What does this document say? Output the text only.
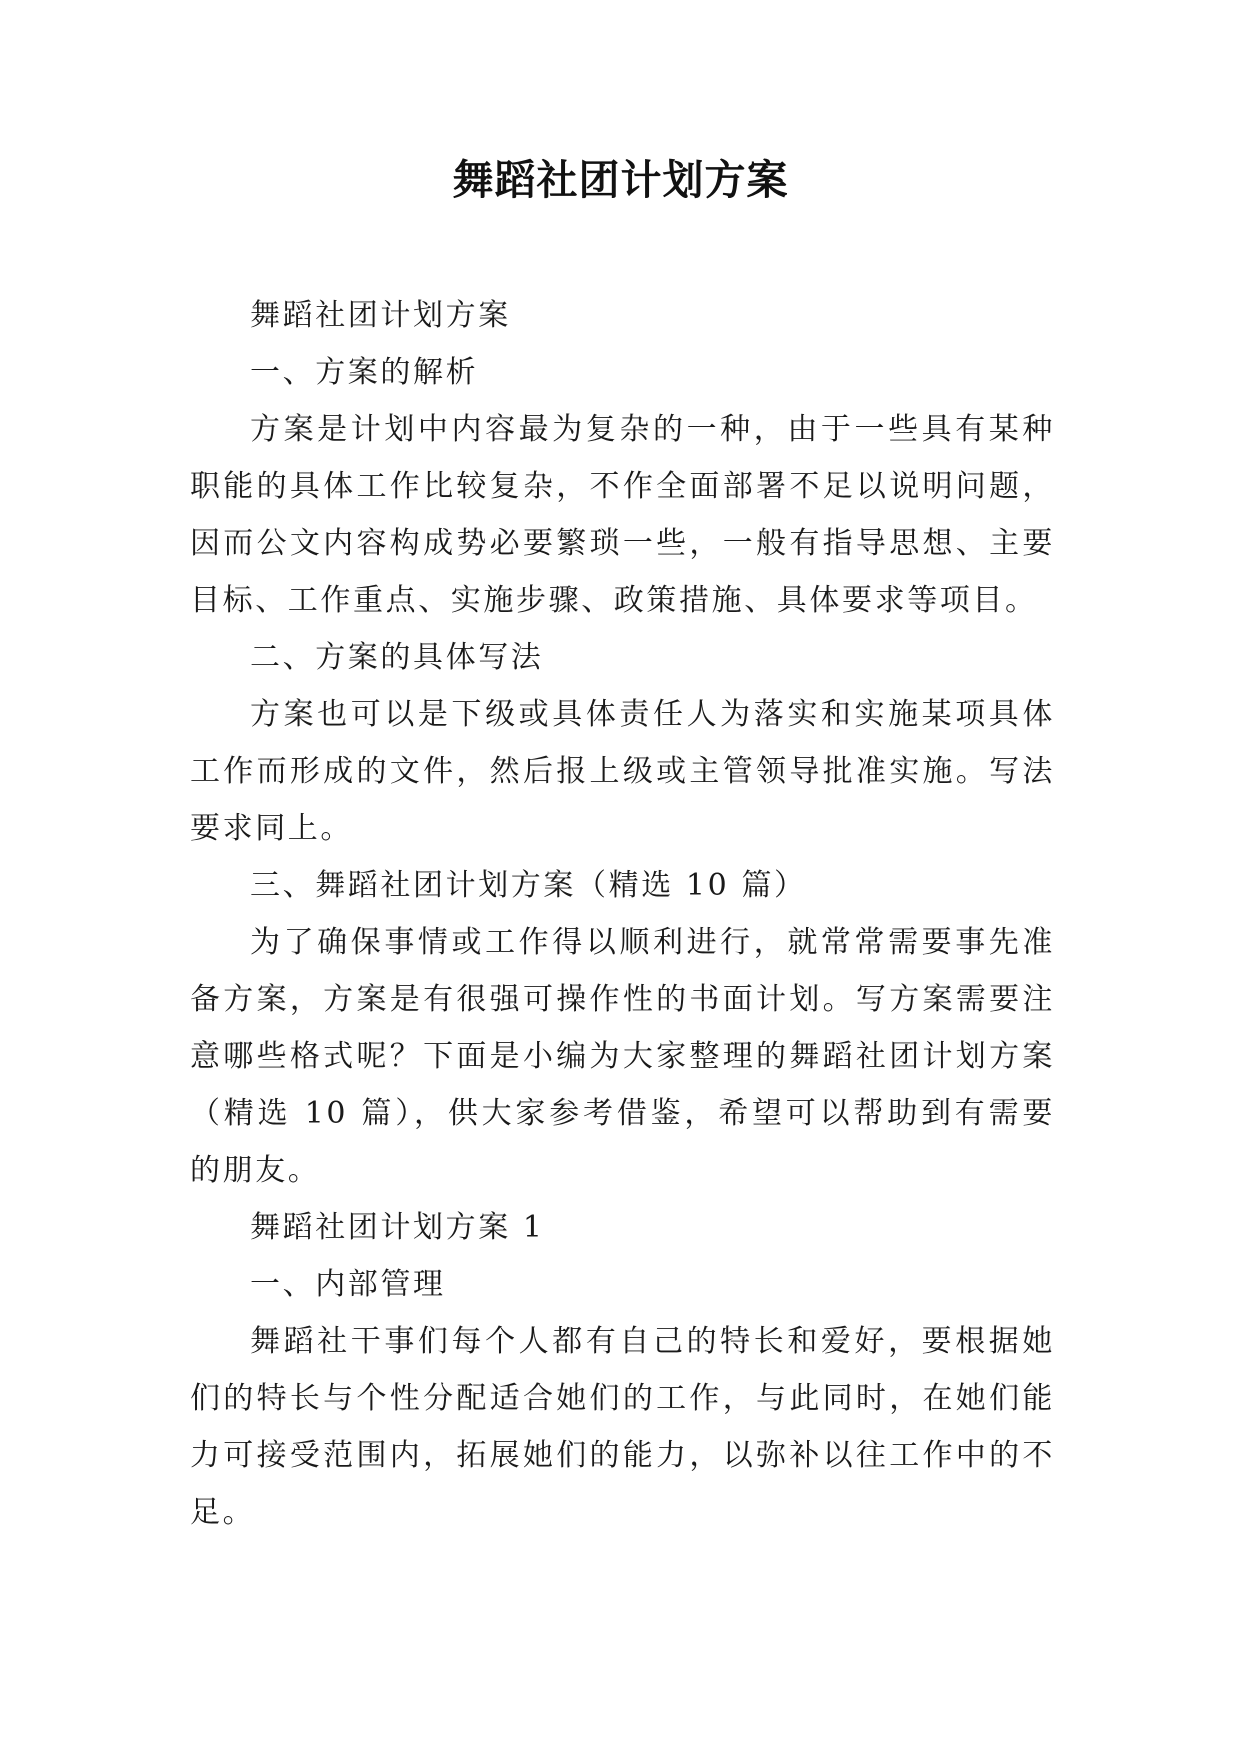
舞蹈社团计划方案

舞蹈社团计划方案

一、方案的解析

方案是计划中内容最为复杂的一种，由于一些具有某种职能的具体工作比较复杂，不作全面部署不足以说明问题，因而公文内容构成势必要繁琐一些，一般有指导思想、主要目标、工作重点、实施步骤、政策措施、具体要求等项目。

二、方案的具体写法

方案也可以是下级或具体责任人为落实和实施某项具体工作而形成的文件，然后报上级或主管领导批准实施。写法要求同上。

三、舞蹈社团计划方案（精选 10 篇）

为了确保事情或工作得以顺利进行，就常常需要事先准备方案，方案是有很强可操作性的书面计划。写方案需要注意哪些格式呢？下面是小编为大家整理的舞蹈社团计划方案（精选 10 篇），供大家参考借鉴，希望可以帮助到有需要的朋友。

舞蹈社团计划方案 1

一、内部管理

舞蹈社干事们每个人都有自己的特长和爱好，要根据她们的特长与个性分配适合她们的工作，与此同时，在她们能力可接受范围内，拓展她们的能力，以弥补以往工作中的不足。
